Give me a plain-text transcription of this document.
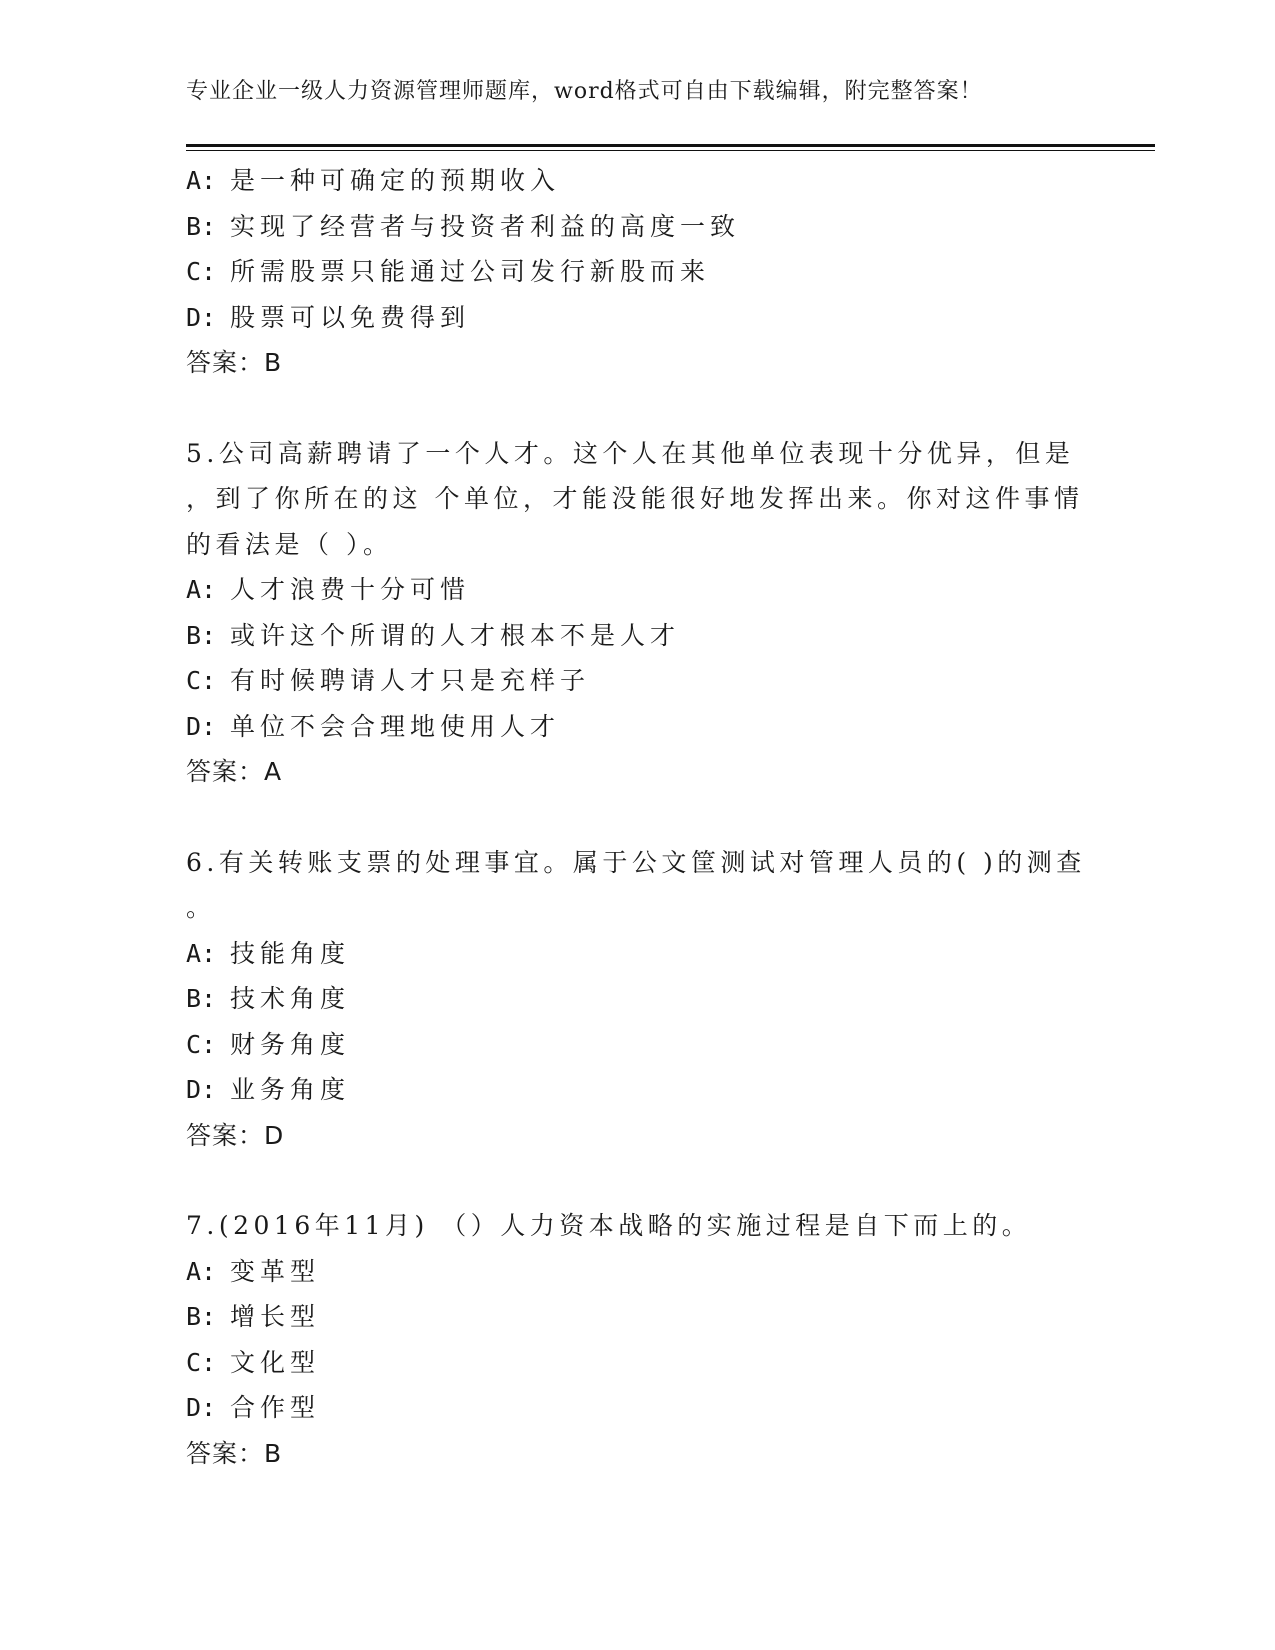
专业企业一级人力资源管理师题库，word格式可自由下载编辑，附完整答案！
A: 是一种可确定的预期收入
B: 实现了经营者与投资者利益的高度一致
C: 所需股票只能通过公司发行新股而来
D: 股票可以免费得到
答案：B
5.公司高薪聘请了一个人才。这个人在其他单位表现十分优异，但是
，到了你所在的这 个单位，才能没能很好地发挥出来。你对这件事情
的看法是（ ）。
A: 人才浪费十分可惜
B: 或许这个所谓的人才根本不是人才
C: 有时候聘请人才只是充样子
D: 单位不会合理地使用人才
答案：A
6.有关转账支票的处理事宜。属于公文筐测试对管理人员的( )的测查
。
A: 技能角度
B: 技术角度
C: 财务角度
D: 业务角度
答案：D
7.(2016年11月) （）人力资本战略的实施过程是自下而上的。
A: 变革型
B: 增长型
C: 文化型
D: 合作型
答案：B
